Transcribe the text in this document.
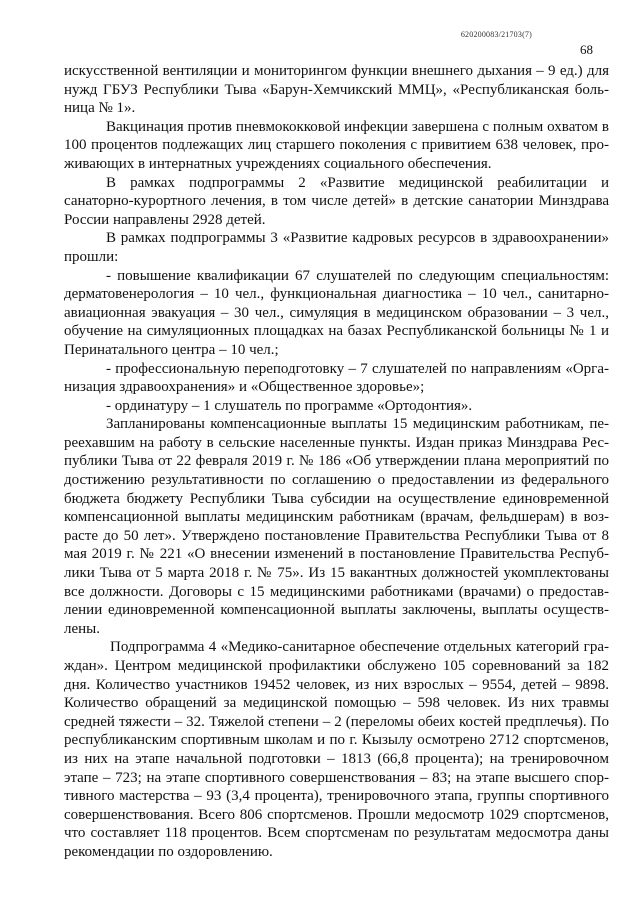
620200083/21703(7)
68

искусственной вентиляции и мониторингом функции внешнего дыхания – 9 ед.) для нужд ГБУЗ Республики Тыва «Барун-Хемчикский ММЦ», «Республиканская больница № 1».

Вакцинация против пневмококковой инфекции завершена с полным охватом в 100 процентов подлежащих лиц старшего поколения с привитием 638 человек, проживающих в интернатных учреждениях социального обеспечения.

В рамках подпрограммы 2 «Развитие медицинской реабилитации и санаторно-курортного лечения, в том числе детей» в детские санатории Минздрава России направлены 2928 детей.

В рамках подпрограммы 3 «Развитие кадровых ресурсов в здравоохранении» прошли:

- повышение квалификации 67 слушателей по следующим специальностям: дерматовенерология – 10 чел., функциональная диагностика – 10 чел., санитарно-авиационная эвакуация – 30 чел., симуляция в медицинском образовании – 3 чел., обучение на симуляционных площадках на базах Республиканской больницы № 1 и Перинатального центра – 10 чел.;

- профессиональную переподготовку – 7 слушателей по направлениям «Организация здравоохранения» и «Общественное здоровье»;

- ординатуру – 1 слушатель по программе «Ортодонтия».

Запланированы компенсационные выплаты 15 медицинским работникам, переехавшим на работу в сельские населенные пункты. Издан приказ Минздрава Республики Тыва от 22 февраля 2019 г. № 186 «Об утверждении плана мероприятий по достижению результативности по соглашению о предоставлении из федерального бюджета бюджету Республики Тыва субсидии на осуществление единовременной компенсационной выплаты медицинским работникам (врачам, фельдшерам) в возрасте до 50 лет». Утверждено постановление Правительства Республики Тыва от 8 мая 2019 г. № 221 «О внесении изменений в постановление Правительства Республики Тыва от 5 марта 2018 г. № 75». Из 15 вакантных должностей укомплектованы все должности. Договоры с 15 медицинскими работниками (врачами) о предоставлении единовременной компенсационной выплаты заключены, выплаты осуществлены.

Подпрограмма 4 «Медико-санитарное обеспечение отдельных категорий граждан». Центром медицинской профилактики обслужено 105 соревнований за 182 дня. Количество участников 19452 человек, из них взрослых – 9554, детей – 9898. Количество обращений за медицинской помощью – 598 человек. Из них травмы средней тяжести – 32. Тяжелой степени – 2 (переломы обеих костей предплечья). По республиканским спортивным школам и по г. Кызылу осмотрено 2712 спортсменов, из них на этапе начальной подготовки – 1813 (66,8 процента); на тренировочном этапе – 723; на этапе спортивного совершенствования – 83; на этапе высшего спортивного мастерства – 93 (3,4 процента), тренировочного этапа, группы спортивного совершенствования. Всего 806 спортсменов. Прошли медосмотр 1029 спортсменов, что составляет 118 процентов. Всем спортсменам по результатам медосмотра даны рекомендации по оздоровлению.
